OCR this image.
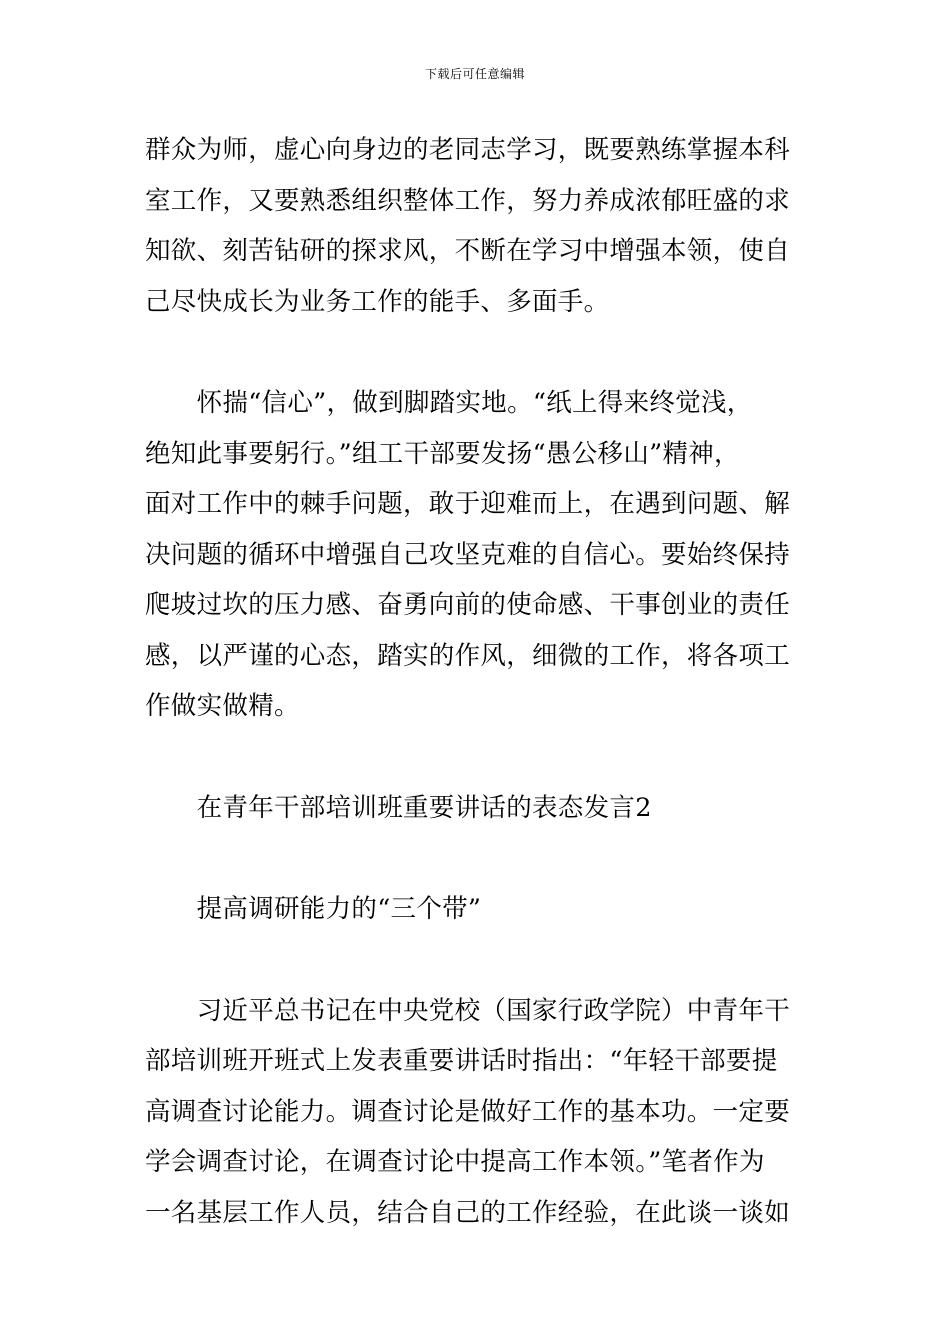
下载后可任意编辑

群众为师，虚心向身边的老同志学习，既要熟练掌握本科

室工作，又要熟悉组织整体工作，努力养成浓郁旺盛的求

知欲、刻苦钻研的探求风，不断在学习中增强本领，使自

己尽快成长为业务工作的能手、多面手。

　　怀揣“信心”，做到脚踏实地。“纸上得来终觉浅，

绝知此事要躬行。”组工干部要发扬“愚公移山”精神，

面对工作中的棘手问题，敢于迎难而上，在遇到问题、解

决问题的循环中增强自己攻坚克难的自信心。要始终保持

爬坡过坎的压力感、奋勇向前的使命感、干事创业的责任

感，以严谨的心态，踏实的作风，细微的工作，将各项工

作做实做精。

　　在青年干部培训班重要讲话的表态发言2

　　提高调研能力的“三个带”

　　习近平总书记在中央党校（国家行政学院）中青年干

部培训班开班式上发表重要讲话时指出：“年轻干部要提

高调查讨论能力。调查讨论是做好工作的基本功。一定要

学会调查讨论，在调查讨论中提高工作本领。”笔者作为

一名基层工作人员，结合自己的工作经验，在此谈一谈如
